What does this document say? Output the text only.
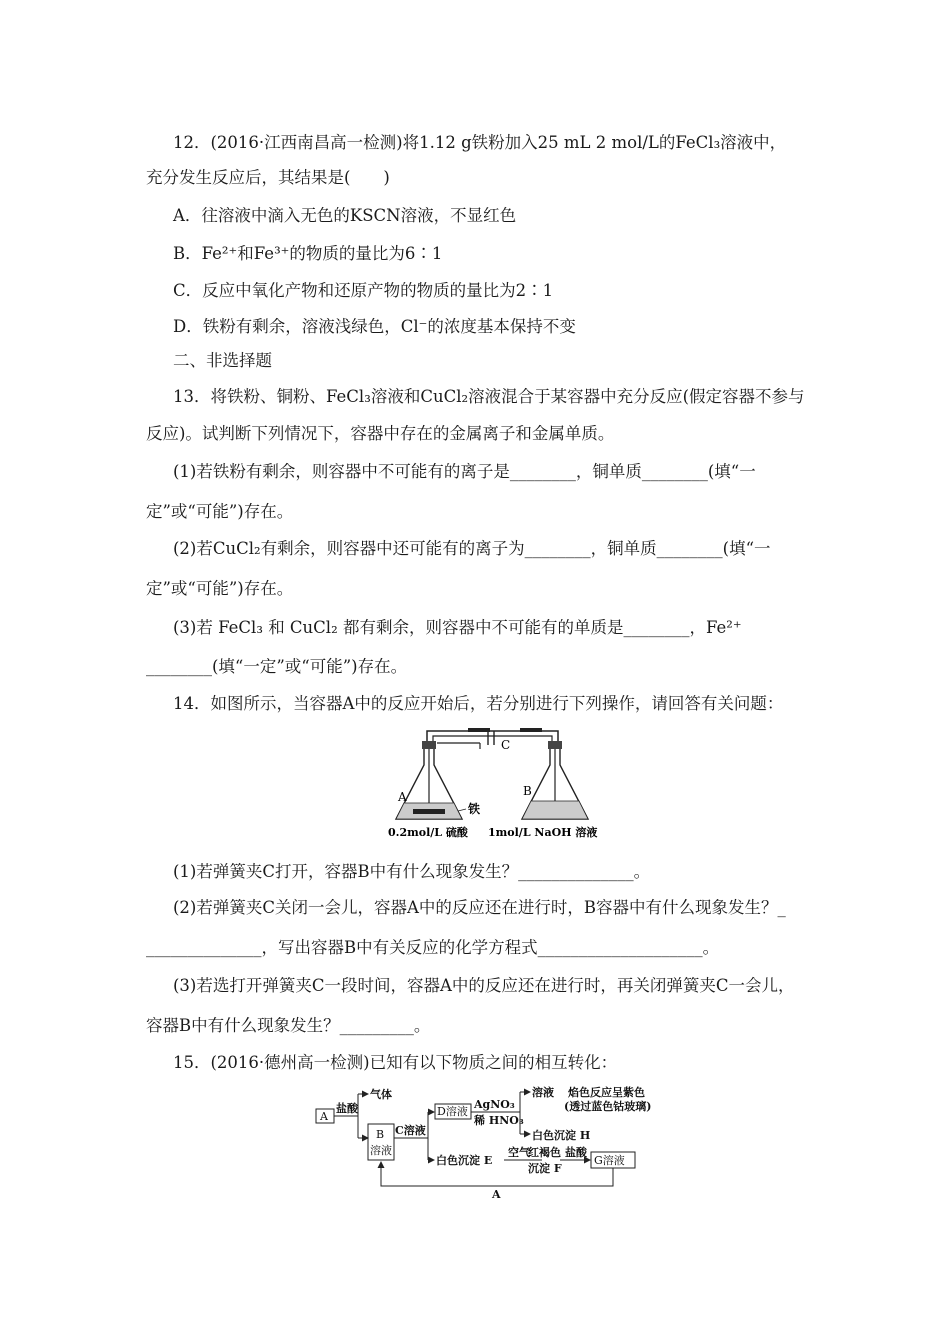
12．(2016·江西南昌高一检测)将1.12 g铁粉加入25 mL 2 mol/L的FeCl₃溶液中，
充分发生反应后，其结果是(　　)
A．往溶液中滴入无色的KSCN溶液，不显红色
B．Fe²⁺和Fe³⁺的物质的量比为6∶1
C．反应中氧化产物和还原产物的物质的量比为2∶1
D．铁粉有剩余，溶液浅绿色，Cl⁻的浓度基本保持不变
二、非选择题
13．将铁粉、铜粉、FeCl₃溶液和CuCl₂溶液混合于某容器中充分反应(假定容器不参与
反应)。试判断下列情况下，容器中存在的金属离子和金属单质。
(1)若铁粉有剩余，则容器中不可能有的离子是________，铜单质________(填“一
定”或“可能”)存在。
(2)若CuCl₂有剩余，则容器中还可能有的离子为________，铜单质________(填“一
定”或“可能”)存在。
(3)若 FeCl₃ 和 CuCl₂ 都有剩余，则容器中不可能有的单质是________，Fe²⁺
________(填“一定”或“可能”)存在。
14．如图所示，当容器A中的反应开始后，若分别进行下列操作，请回答有关问题：
C
A	B
铁
0.2mol/L 硫酸 1mol/L NaOH 溶液
(1)若弹簧夹C打开，容器B中有什么现象发生？______________。
(2)若弹簧夹C关闭一会儿，容器A中的反应还在进行时，B容器中有什么现象发生？_
______________，写出容器B中有关反应的化学方程式____________________。
(3)若选打开弹簧夹C一段时间，容器A中的反应还在进行时，再关闭弹簧夹C一会儿，
容器B中有什么现象发生？_________。
15．(2016·德州高一检测)已知有以下物质之间的相互转化：
A
盐酸
气体
B
溶液
C溶液
D溶液
AgNO₃
稀 HNO₃
溶液 焰色反应呈紫色
(透过蓝色钴玻璃)
白色沉淀 H
白色沉淀 E
空气
红褐色
沉淀 F
盐酸
G溶液
A
